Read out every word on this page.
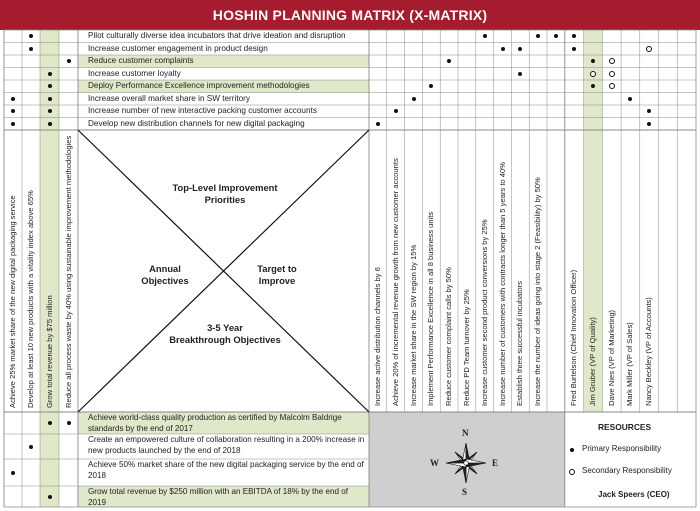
HOSHIN PLANNING MATRIX (X-MATRIX)
Pilot culturally diverse idea incubators that drive ideation and disruption
Increase customer engagement in product design
Reduce customer complaints
Increase customer loyalty
Deploy Performance Excellence improvement methodologies
Increase overall market share in SW territory
Increase number of new interactive packing customer accounts
Develop new distribution channels for new digital packaging
Achieve 25% market share of the new digital packaging service Develop at least 10 new products with a vitality index above 65% Grow total revenue by $75 million Reduce all process waste by 40% using sustainable improvement methodologies	Increase active distribution channels by 6 Achieve 20% of incremental revenue growth from new customer accounts Increase market share in the SW region by 15% Implement Performance Excellence in all 8 business units Reduce customer complaint calls by 50% Reduce PD Team turnover by 25% Increase customer second product conversions by 25% Increase number of customers with contracts longer than 5 years to 40% Establish three successful incubators Increase the number of ideas going into stage 2 (Feasibility) by 50%	Fred Burtelson (Chief Innovation Officer) Jim Gruber (VP of Quality) Dave Nies (VP of Marketing) Mark Miller (VP of Sales) Nancy Beckley (VP of Accounts)
Achieve world-class quality production as certified by Malcolm Baldrige standards by the end of 2017
Create an empowered culture of collaboration resulting in a 200% increase in new products launched by the end of 2018
Achieve 50% market share of the new digital packaging service by the end of 2018
Grow total revenue by $250 million with an EBITDA of 18% by the end of 2019
Top-Level Improvement
Priorities
Annual
Objectives
Target to
Improve
3-5 Year
Breakthrough Objectives
N
S
E
W
RESOURCES
Primary Responsibility
Secondary Responsibility
Jack Speers (CEO)
